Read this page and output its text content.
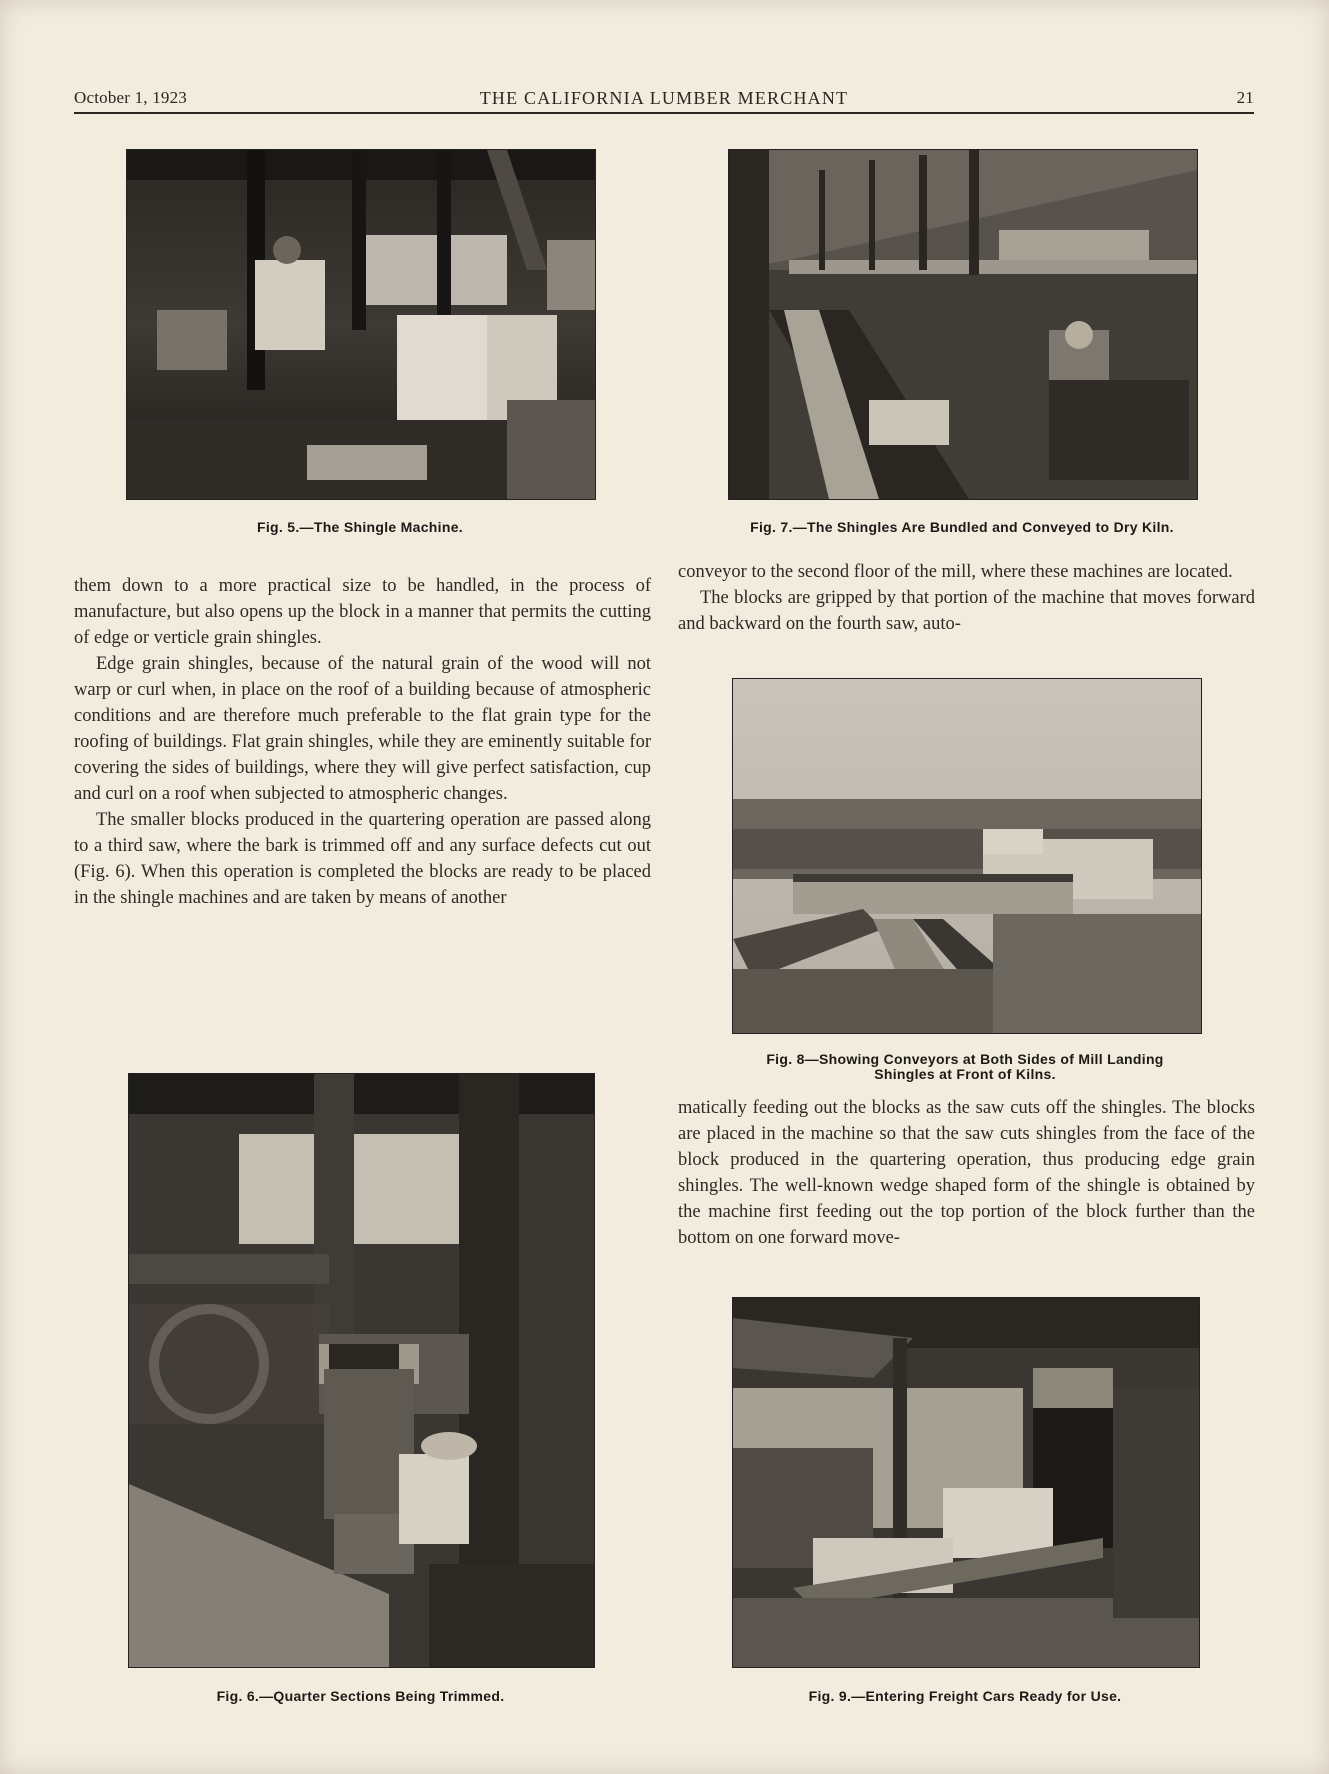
October 1, 1923	THE CALIFORNIA LUMBER MERCHANT	21
Fig. 5.—The Shingle Machine.	Fig. 7.—The Shingles Are Bundled and Conveyed to Dry Kiln.

them down to a more practical size to be handled, in the process of manufacture, but also opens up the block in a manner that permits the cutting of edge or verticle grain shingles.

Edge grain shingles, because of the natural grain of the wood will not warp or curl when, in place on the roof of a building because of atmospheric conditions and are therefore much preferable to the flat grain type for the roofing of buildings. Flat grain shingles, while they are eminently suitable for covering the sides of buildings, where they will give perfect satisfaction, cup and curl on a roof when subjected to atmospheric changes.

The smaller blocks produced in the quartering operation are passed along to a third saw, where the bark is trimmed off and any surface defects cut out (Fig. 6). When this operation is completed the blocks are ready to be placed in the shingle machines and are taken by means of another

conveyor to the second floor of the mill, where these machines are located.

The blocks are gripped by that portion of the machine that moves forward and backward on the fourth saw, auto-

Fig. 8—Showing Conveyors at Both Sides of Mill Landing
Shingles at Front of Kilns.

matically feeding out the blocks as the saw cuts off the shingles. The blocks are placed in the machine so that the saw cuts shingles from the face of the block produced in the quartering operation, thus producing edge grain shingles. The well-known wedge shaped form of the shingle is obtained by the machine first feeding out the top portion of the block further than the bottom on one forward move-

Fig. 6.—Quarter Sections Being Trimmed.	Fig. 9.—Entering Freight Cars Ready for Use.
